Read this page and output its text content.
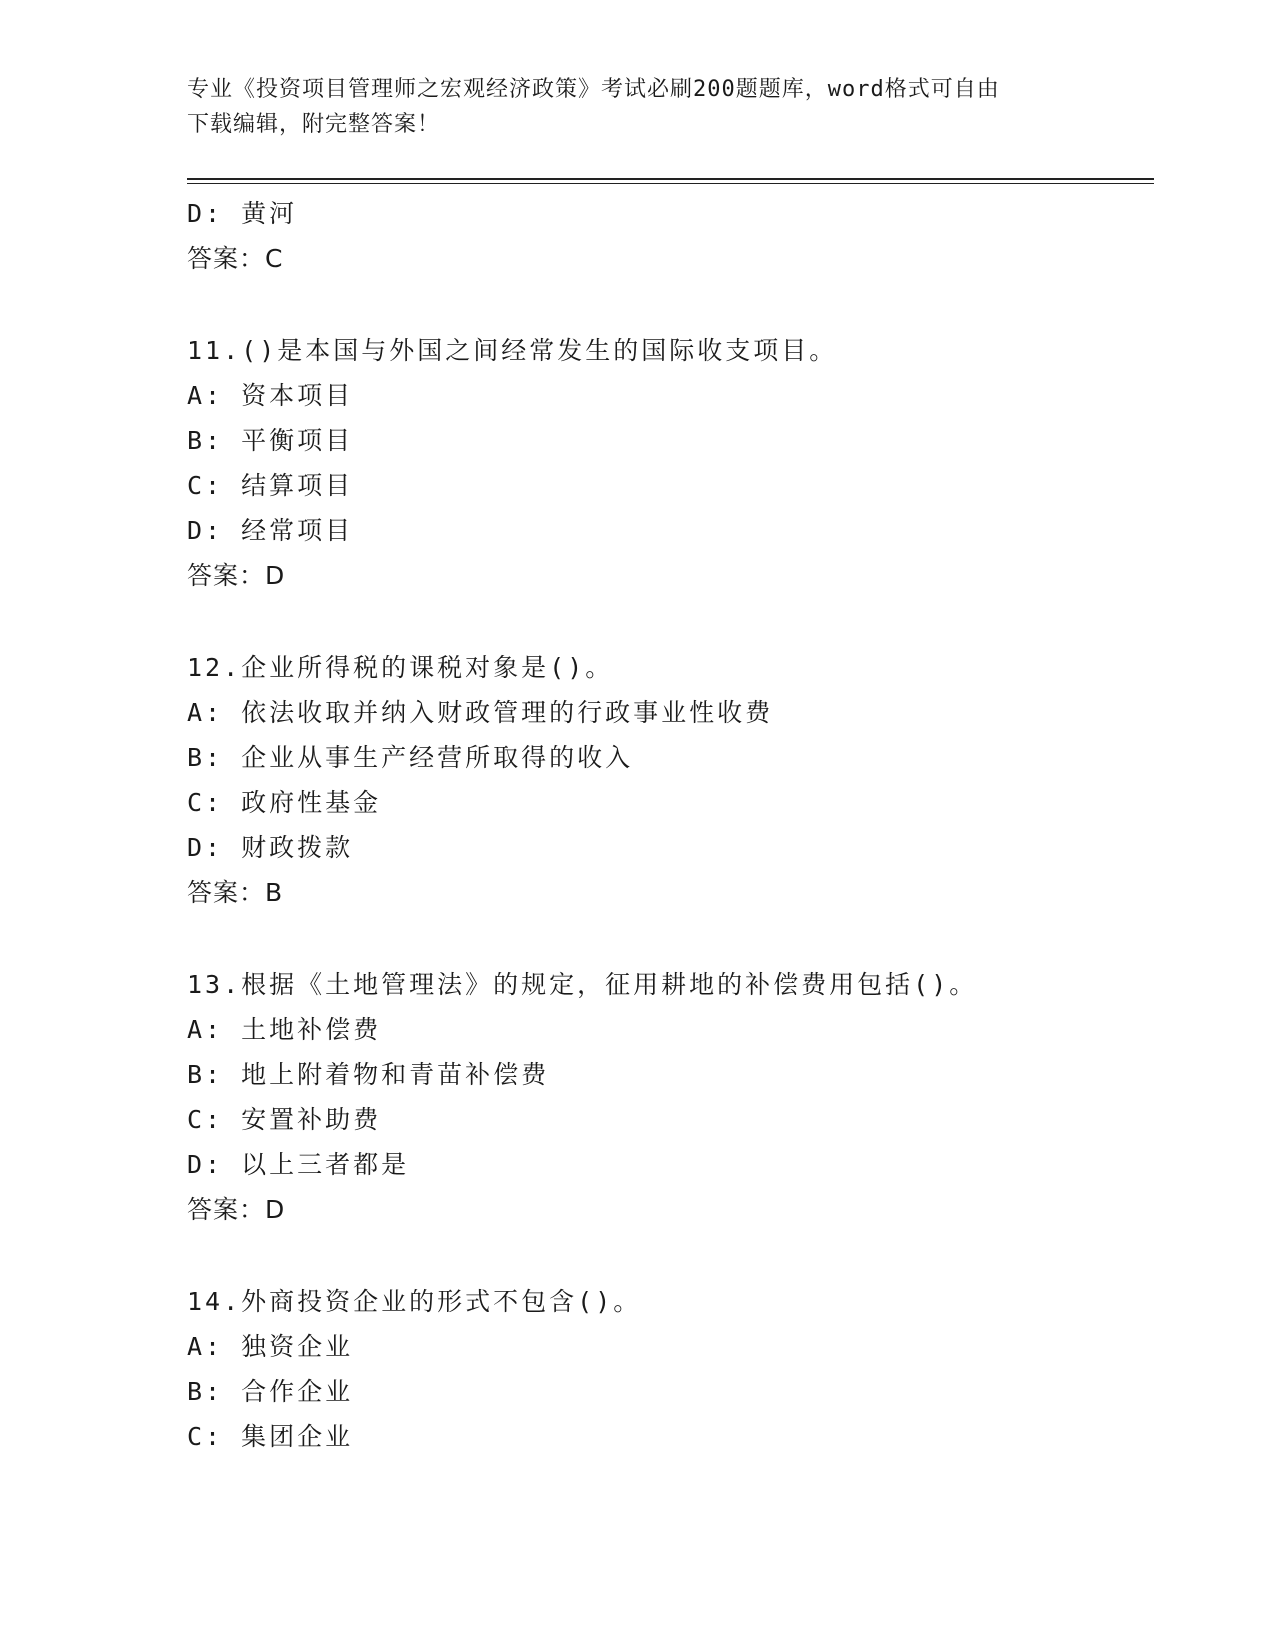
专业《投资项目管理师之宏观经济政策》考试必刷200题题库，word格式可自由
下载编辑，附完整答案！
D: 黄河
答案：C
11.()是本国与外国之间经常发生的国际收支项目。
A: 资本项目
B: 平衡项目
C: 结算项目
D: 经常项目
答案：D
12.企业所得税的课税对象是()。
A: 依法收取并纳入财政管理的行政事业性收费
B: 企业从事生产经营所取得的收入
C: 政府性基金
D: 财政拨款
答案：B
13.根据《土地管理法》的规定，征用耕地的补偿费用包括()。
A: 土地补偿费
B: 地上附着物和青苗补偿费
C: 安置补助费
D: 以上三者都是
答案：D
14.外商投资企业的形式不包含()。
A: 独资企业
B: 合作企业
C: 集团企业
